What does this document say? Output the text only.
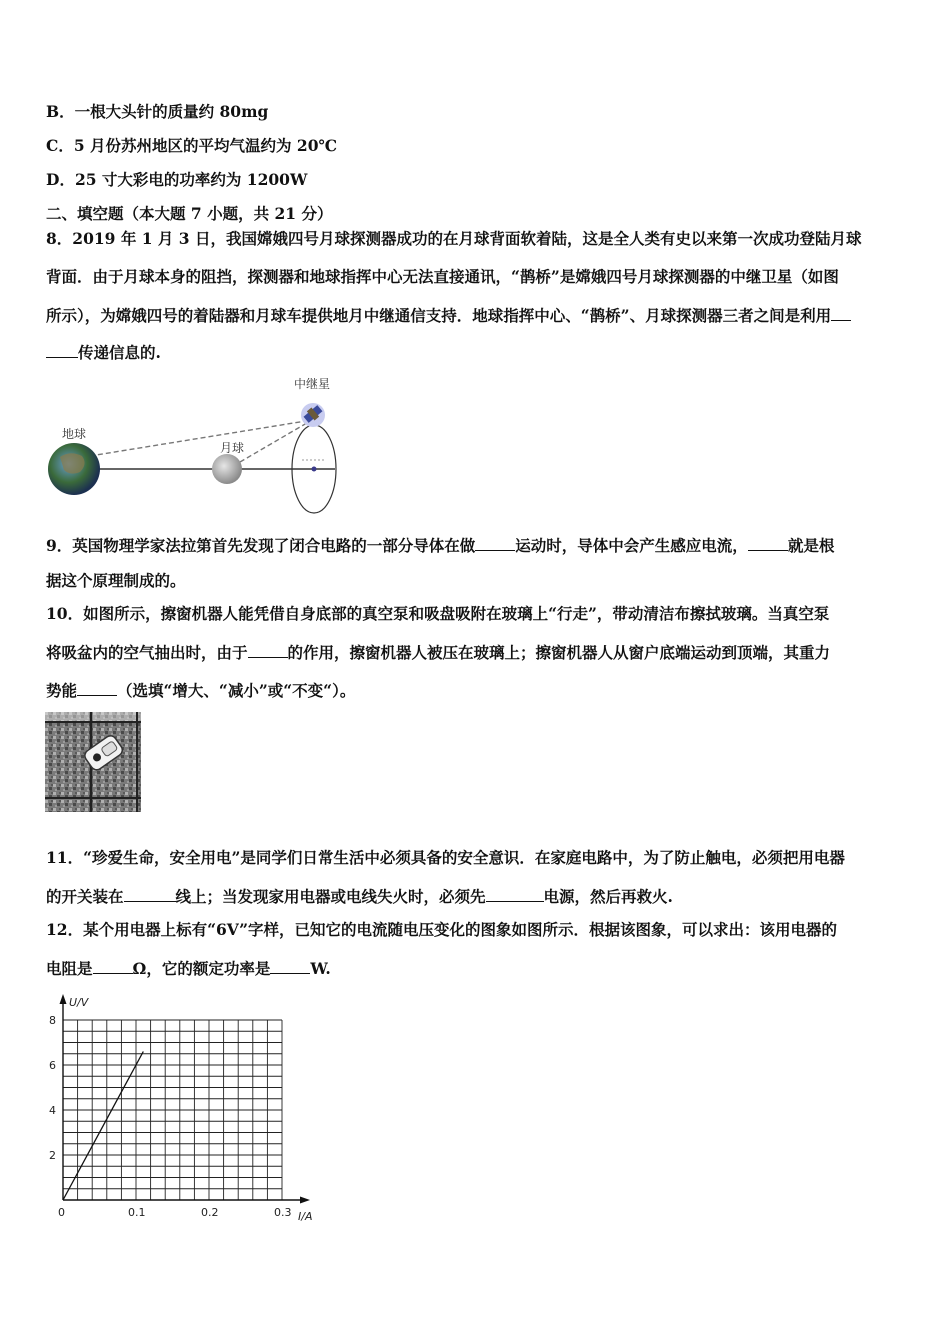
B．一根大头针的质量约 80mg
C．5 月份苏州地区的平均气温约为 20℃
D．25 寸大彩电的功率约为 1200W
二、填空题（本大题 7 小题，共 21 分）
8．2019 年 1 月 3 日，我国嫦娥四号月球探测器成功的在月球背面软着陆，这是全人类有史以来第一次成功登陆月球
背面．由于月球本身的阻挡，探测器和地球指挥中心无法直接通讯，“鹊桥”是嫦娥四号月球探测器的中继卫星（如图
所示），为嫦娥四号的着陆器和月球车提供地月中继通信支持．地球指挥中心、“鹊桥”、月球探测器三者之间是利用
传递信息的.
中继星
地球
月球
9．英国物理学家法拉第首先发现了闭合电路的一部分导体在做	运动时，导体中会产生感应电流，	就是根
据这个原理制成的。
10．如图所示，擦窗机器人能凭借自身底部的真空泵和吸盘吸附在玻璃上“行走”，带动清洁布擦拭玻璃。当真空泵
将吸盆内的空气抽出时，由于	的作用，擦窗机器人被压在玻璃上；擦窗机器人从窗户底端运动到顶端，其重力
势能	（选填“增大、“减小”或“不变“）。
11．“珍爱生命，安全用电”是同学们日常生活中必须具备的安全意识．在家庭电路中，为了防止触电，必须把用电器
的开关装在	线上；当发现家用电器或电线失火时，必须先	电源，然后再救火.
12．某个用电器上标有“6V”字样，已知它的电流随电压变化的图象如图所示．根据该图象，可以求出：该用电器的
电阻是	Ω，它的额定功率是	W.
U/V
I/A
0	0.1	0.2	0.3
2
4
6
8
